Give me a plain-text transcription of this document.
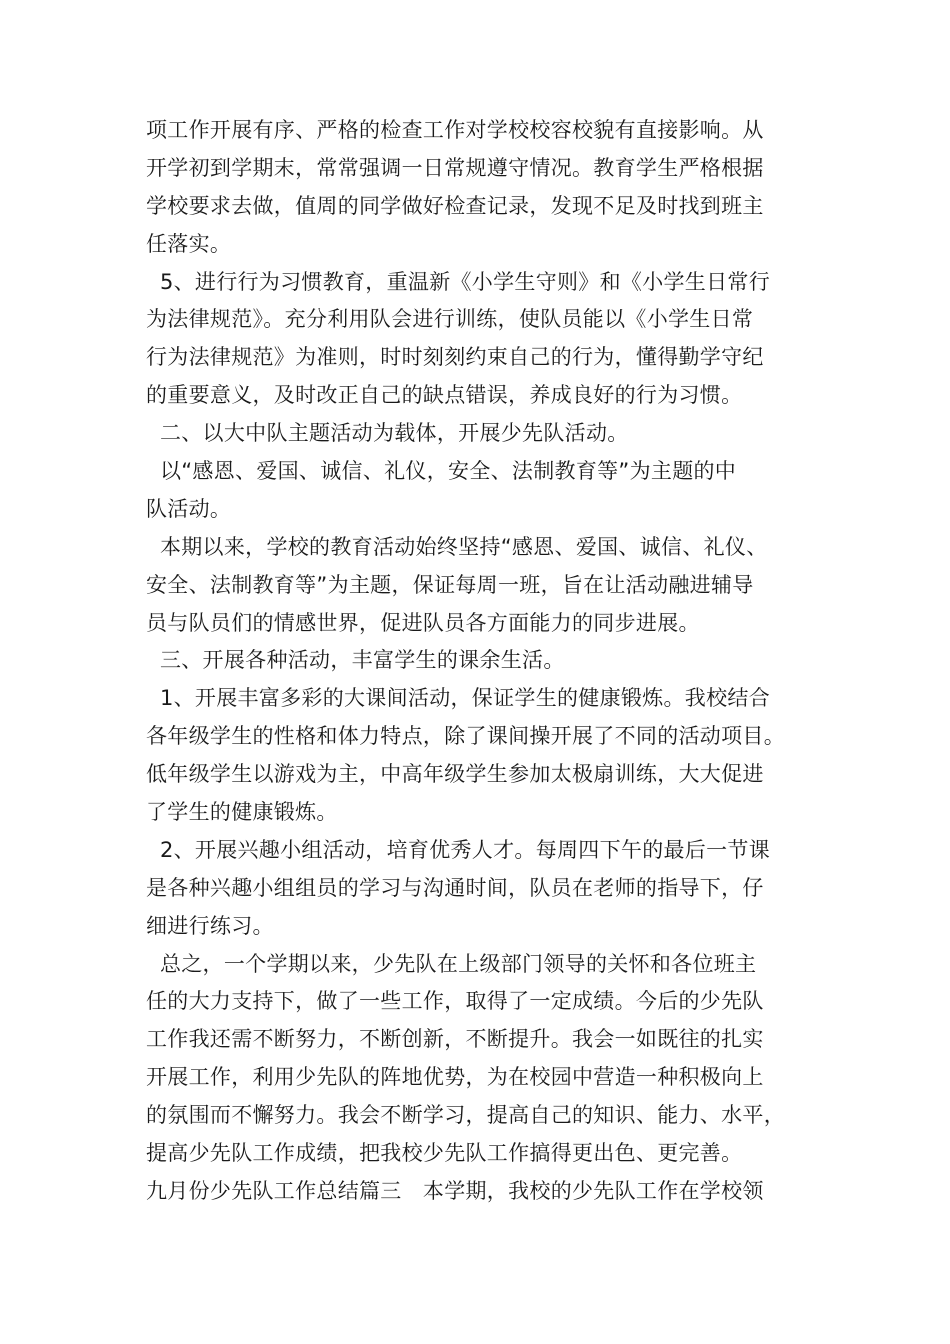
项工作开展有序、严格的检查工作对学校校容校貌有直接影响。从
开学初到学期末，常常强调一日常规遵守情况。教育学生严格根据
学校要求去做，值周的同学做好检查记录，发现不足及时找到班主
任落实。
5、进行行为习惯教育，重温新《小学生守则》和《小学生日常行
为法律规范》。充分利用队会进行训练，使队员能以《小学生日常
行为法律规范》为准则，时时刻刻约束自己的行为，懂得勤学守纪
的重要意义，及时改正自己的缺点错误，养成良好的行为习惯。
二、以大中队主题活动为载体，开展少先队活动。
以“感恩、爱国、诚信、礼仪，安全、法制教育等”为主题的中
队活动。
本期以来，学校的教育活动始终坚持“感恩、爱国、诚信、礼仪、
安全、法制教育等”为主题，保证每周一班，旨在让活动融进辅导
员与队员们的情感世界，促进队员各方面能力的同步进展。
三、开展各种活动，丰富学生的课余生活。
1、开展丰富多彩的大课间活动，保证学生的健康锻炼。我校结合
各年级学生的性格和体力特点，除了课间操开展了不同的活动项目。
低年级学生以游戏为主，中高年级学生参加太极扇训练，大大促进
了学生的健康锻炼。
2、开展兴趣小组活动，培育优秀人才。每周四下午的最后一节课
是各种兴趣小组组员的学习与沟通时间，队员在老师的指导下，仔
细进行练习。
总之，一个学期以来，少先队在上级部门领导的关怀和各位班主
任的大力支持下，做了一些工作，取得了一定成绩。今后的少先队
工作我还需不断努力，不断创新，不断提升。我会一如既往的扎实
开展工作，利用少先队的阵地优势，为在校园中营造一种积极向上
的氛围而不懈努力。我会不断学习，提高自己的知识、能力、水平，
提高少先队工作成绩，把我校少先队工作搞得更出色、更完善。
九月份少先队工作总结篇三　本学期，我校的少先队工作在学校领
